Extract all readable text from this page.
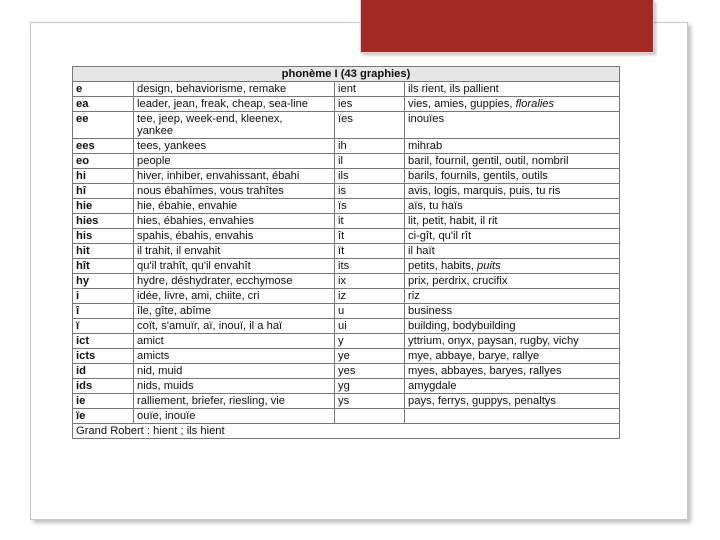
phonème I (43 graphies)			
e	design, behaviorisme, remake	ient	ils rient, ils pallient
ea	leader, jean, freak, cheap, sea-line	ies	vies, amies, guppies, floralies
ee	tee, jeep, week-end, kleenex,
yankee	ïes	inouïes
ees	tees, yankees	ih	mihrab
eo	people	il	baril, fournil, gentil, outil, nombril
hi	hiver, inhiber, envahissant, ébahi	ils	barils, fournils, gentils, outils
hî	nous ébahîmes, vous trahîtes	is	avis, logis, marquis, puis, tu ris
hie	hie, ébahie, envahie	ïs	aïs, tu haïs
hies	hies, ébahies, envahies	it	lit, petit, habit, il rit
his	spahis, ébahis, envahis	ît	ci-gît, qu'il rît
hit	il trahit, il envahit	ït	il haït
hît	qu'il trahît, qu'il envahît	its	petits, habits, puits
hy	hydre, déshydrater, ecchymose	ix	prix, perdrix, crucifix
i	idée, livre, ami, chiite, cri	iz	riz
î	île, gîte, abîme	u	business
ï	coït, s'amuïr, aï, inouï, il a haï	ui	building, bodybuilding
ict	amict	y	yttrium, onyx, paysan, rugby, vichy
icts	amicts	ye	mye, abbaye, barye, rallye
id	nid, muid	yes	myes, abbayes, baryes, rallyes
ids	nids, muids	yg	amygdale
ie	ralliement, briefer, riesling, vie	ys	pays, ferrys, guppys, penaltys
ïe	ouïe, inouïe		
Grand Robert : hient ; ils hient			
